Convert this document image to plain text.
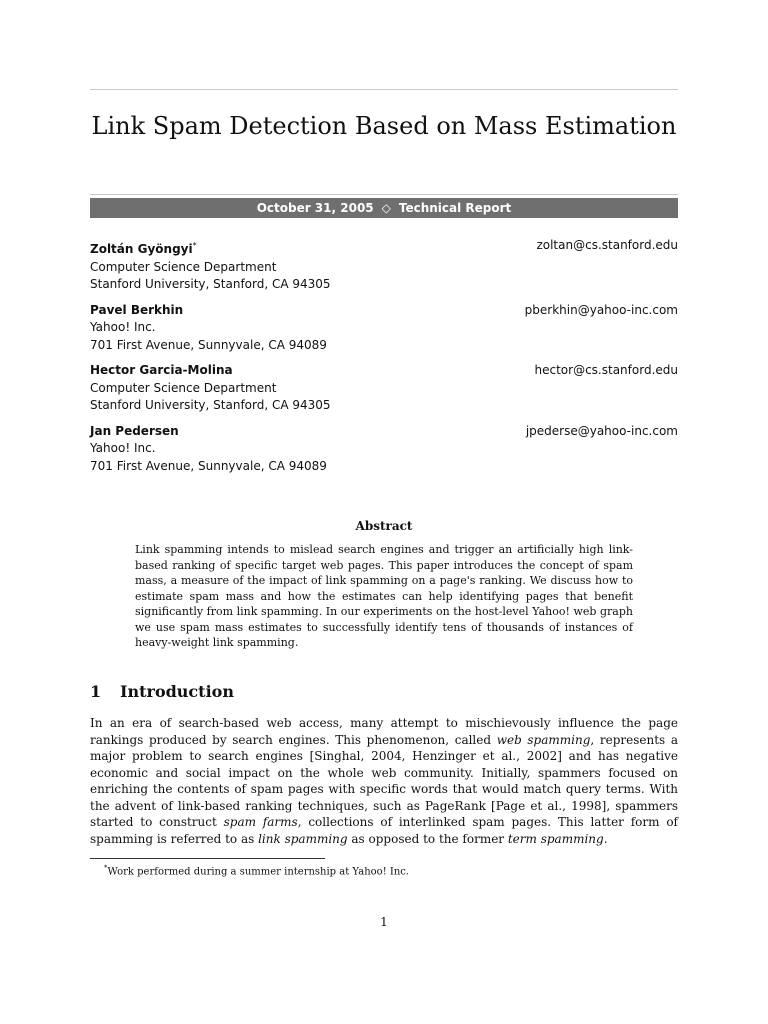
Link Spam Detection Based on Mass Estimation
October 31, 2005 ◇ Technical Report
Zoltán Gyöngyi*
Computer Science Department
Stanford University, Stanford, CA 94305
zoltan@cs.stanford.edu
Pavel Berkhin
Yahoo! Inc.
701 First Avenue, Sunnyvale, CA 94089
pberkhin@yahoo-inc.com
Hector Garcia-Molina
Computer Science Department
Stanford University, Stanford, CA 94305
hector@cs.stanford.edu
Jan Pedersen
Yahoo! Inc.
701 First Avenue, Sunnyvale, CA 94089
jpederse@yahoo-inc.com
Abstract

Link spamming intends to mislead search engines and trigger an artificially high link-based ranking of specific target web pages. This paper introduces the concept of spam mass, a measure of the impact of link spamming on a page's ranking. We discuss how to estimate spam mass and how the estimates can help identifying pages that benefit significantly from link spamming. In our experiments on the host-level Yahoo! web graph we use spam mass estimates to successfully identify tens of thousands of instances of heavy-weight link spamming.

1 Introduction

In an era of search-based web access, many attempt to mischievously influence the page rankings produced by search engines. This phenomenon, called web spamming, represents a major problem to search engines [Singhal, 2004, Henzinger et al., 2002] and has negative economic and social impact on the whole web community. Initially, spammers focused on enriching the contents of spam pages with specific words that would match query terms. With the advent of link-based ranking techniques, such as PageRank [Page et al., 1998], spammers started to construct spam farms, collections of interlinked spam pages. This latter form of spamming is referred to as link spamming as opposed to the former term spamming.

*Work performed during a summer internship at Yahoo! Inc.

1
